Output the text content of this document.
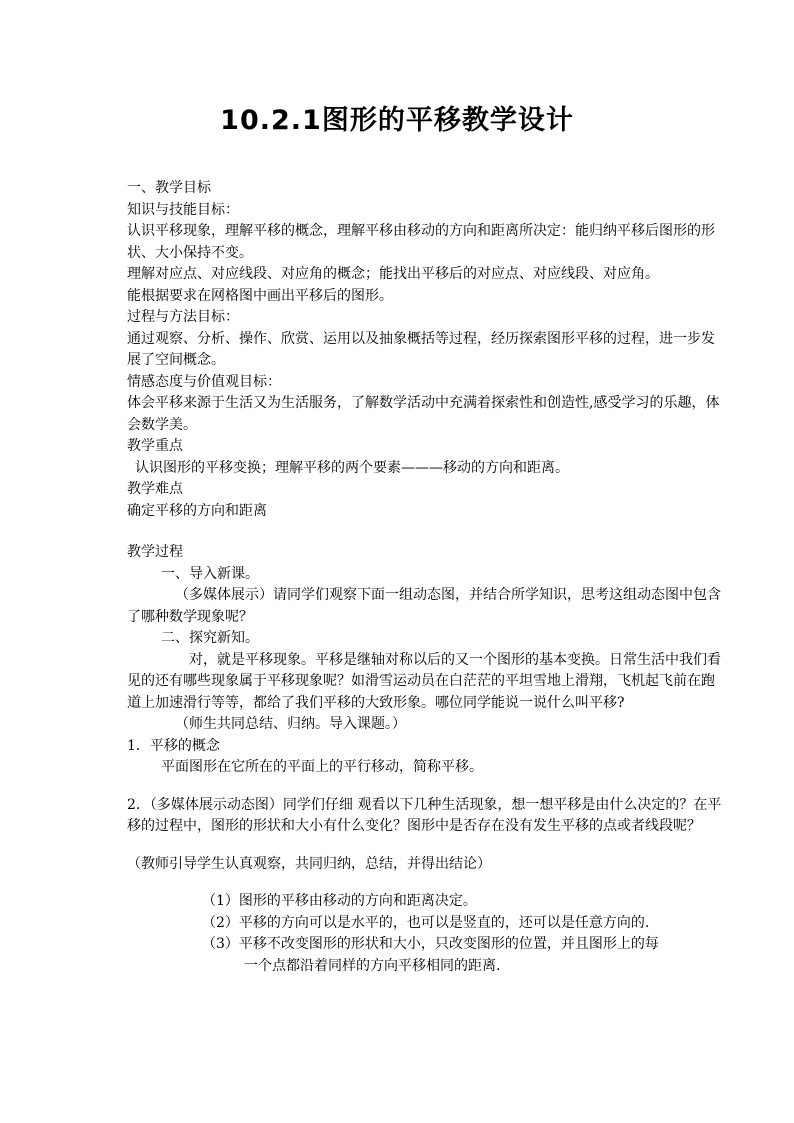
10.2.1图形的平移教学设计

一、教学目标

知识与技能目标：

认识平移现象，理解平移的概念，理解平移由移动的方向和距离所决定：能归纳平移后图形的形状、大小保持不变。

理解对应点、对应线段、对应角的概念；能找出平移后的对应点、对应线段、对应角。

能根据要求在网格图中画出平移后的图形。

过程与方法目标：

通过观察、分析、操作、欣赏、运用以及抽象概括等过程，经历探索图形平移的过程，进一步发展了空间概念。

情感态度与价值观目标：

体会平移来源于生活又为生活服务，了解数学活动中充满着探索性和创造性,感受学习的乐趣，体会数学美。

教学重点

认识图形的平移变换；理解平移的两个要素———移动的方向和距离。

教学难点

确定平移的方向和距离

教学过程

一、导入新课。

（多媒体展示）请同学们观察下面一组动态图，并结合所学知识，思考这组动态图中包含了哪种数学现象呢？

二、探究新知。

对，就是平移现象。平移是继轴对称以后的又一个图形的基本变换。日常生活中我们看见的还有哪些现象属于平移现象呢？如滑雪运动员在白茫茫的平坦雪地上滑翔，飞机起飞前在跑道上加速滑行等等，都给了我们平移的大致形象。哪位同学能说一说什么叫平移?

（师生共同总结、归纳。导入课题。）

1．平移的概念

平面图形在它所在的平面上的平行移动，简称平移。

2．（多媒体展示动态图）同学们仔细 观看以下几种生活现象，想一想平移是由什么决定的？在平移的过程中，图形的形状和大小有什么变化？图形中是否存在没有发生平移的点或者线段呢？

（教师引导学生认真观察，共同归纳，总结，并得出结论）

（1）图形的平移由移动的方向和距离决定。

（2）平移的方向可以是水平的，也可以是竖直的，还可以是任意方向的.

（3）平移不改变图形的形状和大小，只改变图形的位置，并且图形上的每

一个点都沿着同样的方向平移相同的距离.
